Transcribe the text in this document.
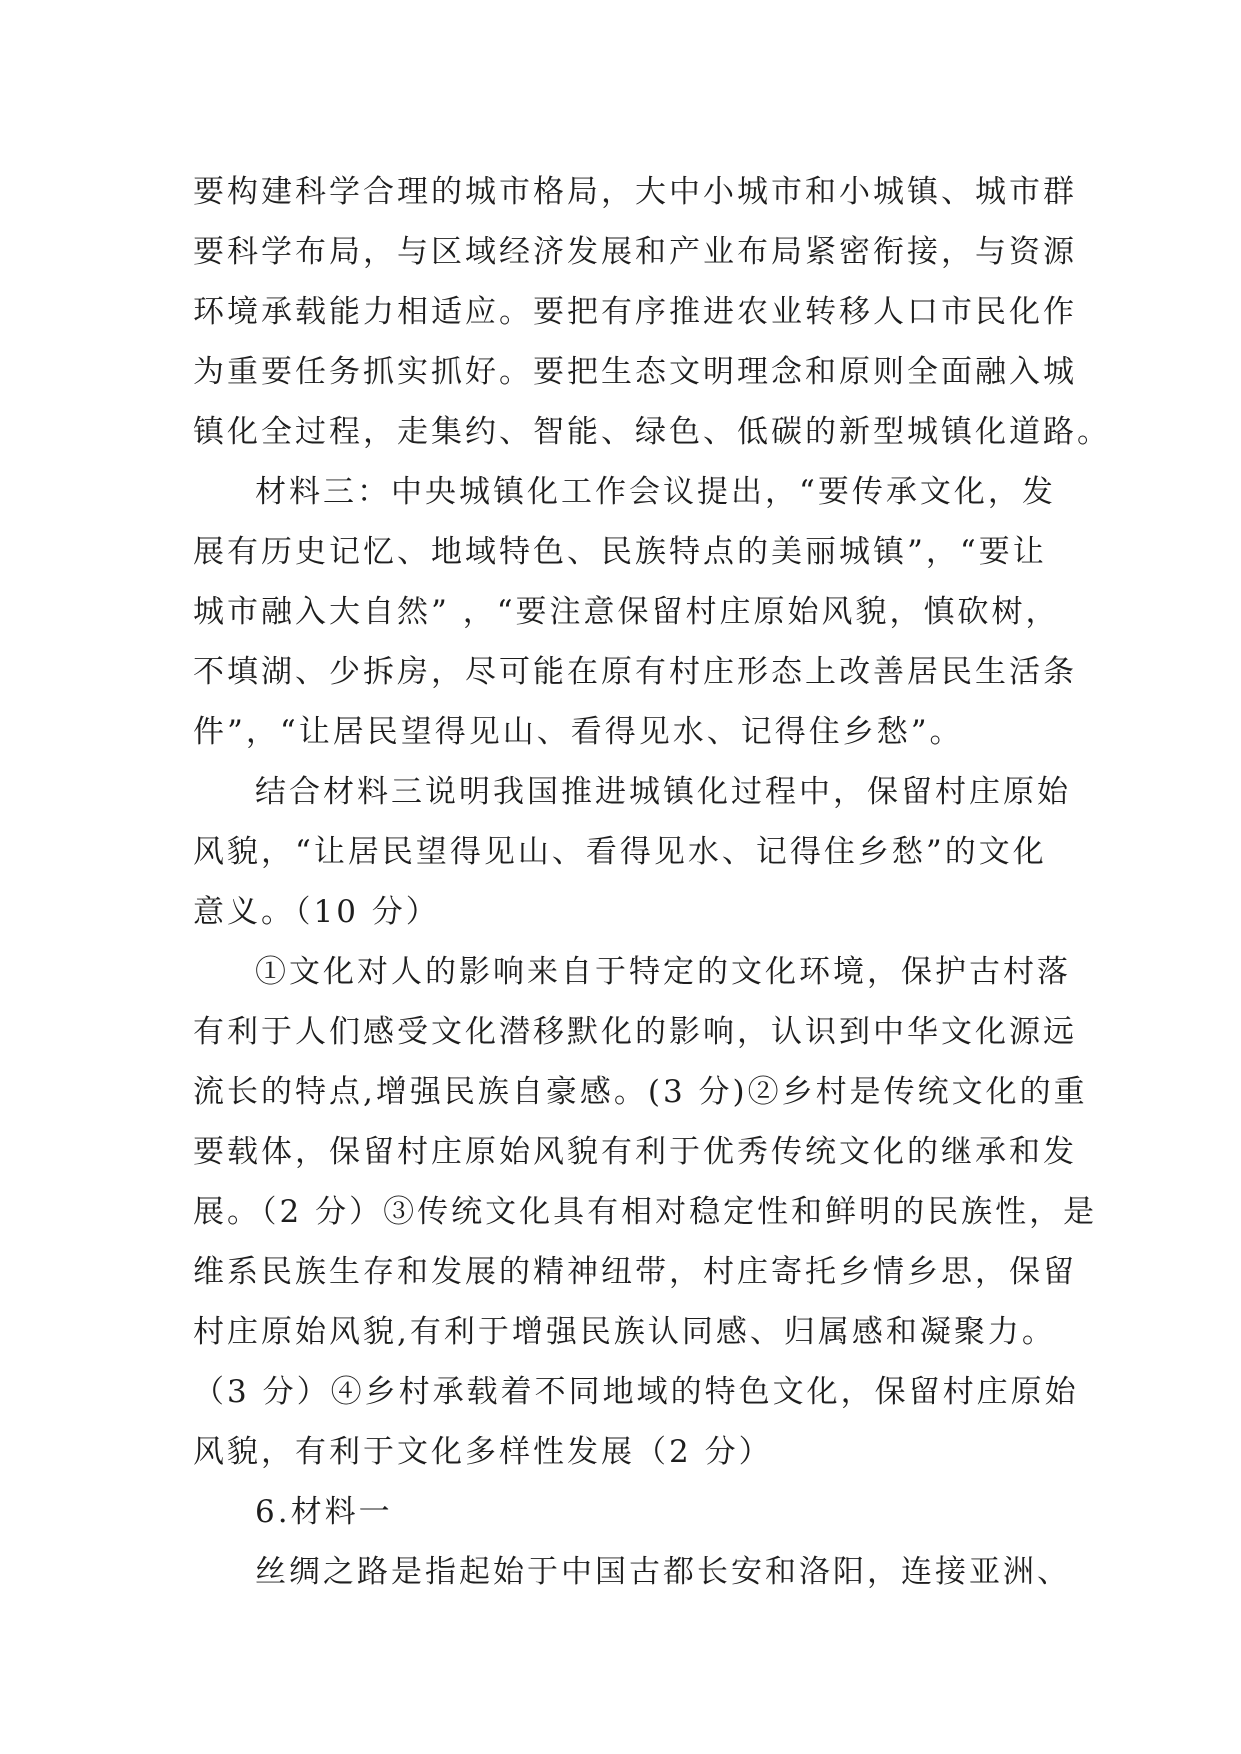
要构建科学合理的城市格局，大中小城市和小城镇、城市群
要科学布局，与区域经济发展和产业布局紧密衔接，与资源
环境承载能力相适应。要把有序推进农业转移人口市民化作
为重要任务抓实抓好。要把生态文明理念和原则全面融入城
镇化全过程，走集约、智能、绿色、低碳的新型城镇化道路。
材料三：中央城镇化工作会议提出，“要传承文化，发
展有历史记忆、地域特色、民族特点的美丽城镇”，“要让
城市融入大自然” ，“要注意保留村庄原始风貌，慎砍树，
不填湖、少拆房，尽可能在原有村庄形态上改善居民生活条
件”，“让居民望得见山、看得见水、记得住乡愁”。
结合材料三说明我国推进城镇化过程中，保留村庄原始
风貌，“让居民望得见山、看得见水、记得住乡愁”的文化
意义。（10 分）
①文化对人的影响来自于特定的文化环境，保护古村落
有利于人们感受文化潜移默化的影响，认识到中华文化源远
流长的特点,增强民族自豪感。(3 分)②乡村是传统文化的重
要载体，保留村庄原始风貌有利于优秀传统文化的继承和发
展。（2 分）③传统文化具有相对稳定性和鲜明的民族性，是
维系民族生存和发展的精神纽带，村庄寄托乡情乡思，保留
村庄原始风貌,有利于增强民族认同感、归属感和凝聚力。
（3 分）④乡村承载着不同地域的特色文化，保留村庄原始
风貌，有利于文化多样性发展（2 分）
6.材料一
丝绸之路是指起始于中国古都长安和洛阳，连接亚洲、
